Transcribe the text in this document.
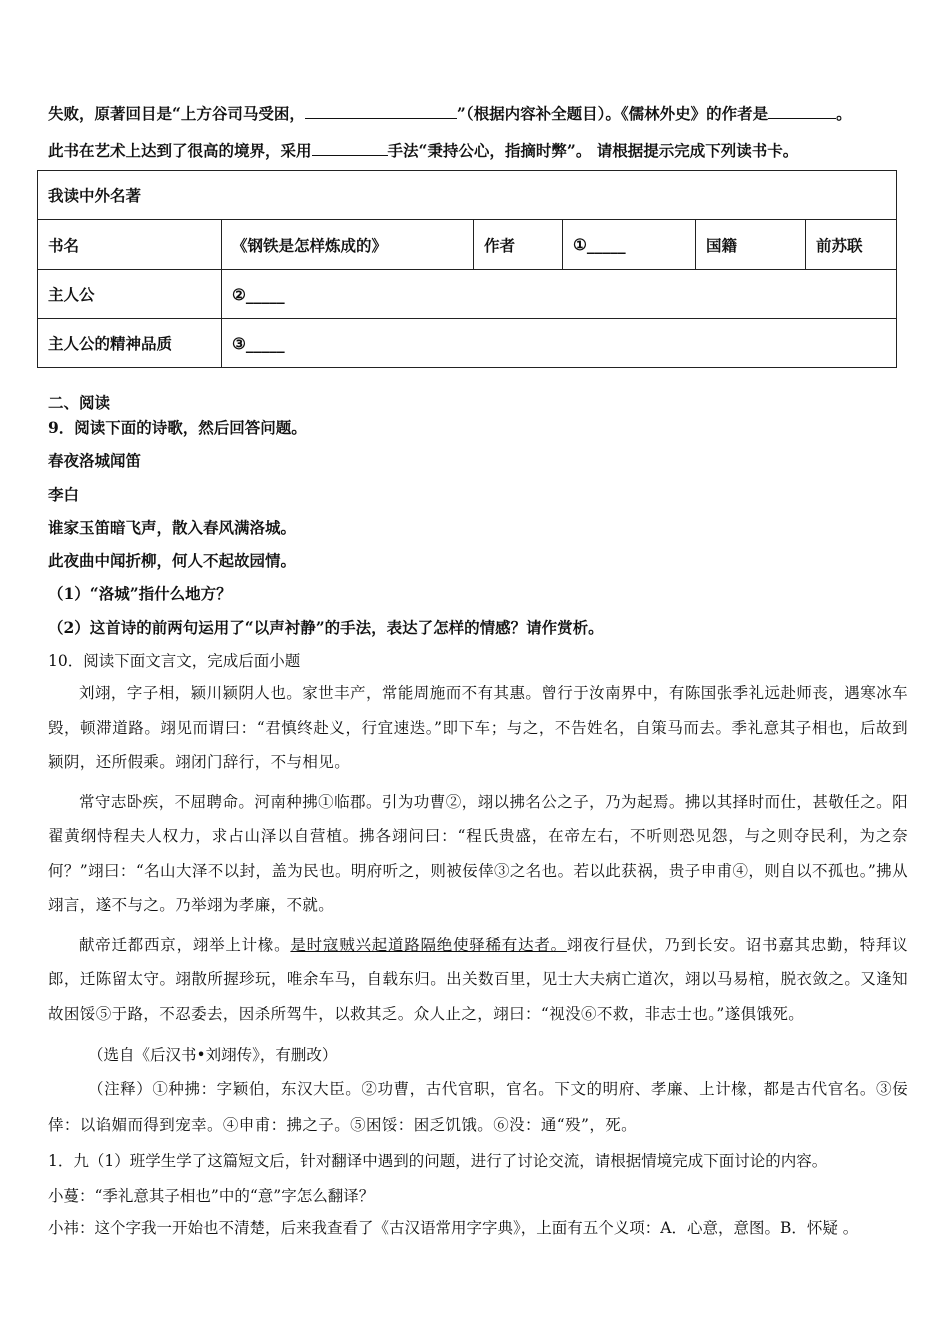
失败，原著回目是“上方谷司马受困，	”（根据内容补全题目）。《儒林外史》的作者是	。
此书在艺术上达到了很高的境界，采用	手法“秉持公心，指摘时弊”。 请根据提示完成下列读书卡。
我读中外名著					
书名	《钢铁是怎样炼成的》	作者	①_____	国籍	前苏联
主人公	②_____				
主人公的精神品质	③_____				
二、阅读
9．阅读下面的诗歌，然后回答问题。
春夜洛城闻笛
李白
谁家玉笛暗飞声，散入春风满洛城。
此夜曲中闻折柳，何人不起故园情。
（1）“洛城”指什么地方？
（2）这首诗的前两句运用了“以声衬静”的手法，表达了怎样的情感？请作赏析。
10．阅读下面文言文，完成后面小题

刘翊，字子相，颍川颍阴人也。家世丰产，常能周施而不有其惠。曾行于汝南界中，有陈国张季礼远赴师丧，遇寒冰车毁，顿滞道路。翊见而谓曰：“君慎终赴义，行宜速迭。”即下车；与之，不告姓名，自策马而去。季礼意其子相也，后故到颍阴，还所假乘。翊闭门辞行，不与相见。

常守志卧疾，不屈聘命。河南种拂①临郡。引为功曹②，翊以拂名公之子，乃为起焉。拂以其择时而仕，甚敬任之。阳翟黄纲恃程夫人权力，求占山泽以自营植。拂各翊问曰：“程氏贵盛，在帝左右，不听则恐见怨，与之则夺民利，为之奈何？”翊曰：“名山大泽不以封，盖为民也。明府听之，则被佞倖③之名也。若以此获祸，贵子申甫④，则自以不孤也。”拂从翊言，遂不与之。乃举翊为孝廉，不就。

献帝迁都西京，翊举上计椽。是时寇贼兴起道路隔绝使驿稀有达者。翊夜行昼伏，乃到长安。诏书嘉其忠勤，特拜议郎，迁陈留太守。翊散所握珍玩，唯余车马，自载东归。出关数百里，见士大夫病亡道次，翊以马易棺，脱衣敛之。又逢知故困馁⑤于路，不忍委去，因杀所驾牛，以救其乏。众人止之，翊曰：“视没⑥不救，非志士也。”遂俱饿死。

（选自《后汉书•刘翊传》，有删改）

（注释）①种拂：字颖伯，东汉大臣。②功曹，古代官职，官名。下文的明府、孝廉、上计椽，都是古代官名。③佞倖：以谄媚而得到宠幸。④申甫：拂之子。⑤困馁：困乏饥饿。⑥没：通“殁”，死。

1．九（1）班学生学了这篇短文后，针对翻译中遇到的问题，进行了讨论交流，请根据情境完成下面讨论的内容。
小蔓：“季礼意其子相也”中的“意”字怎么翻译？
小祎：这个字我一开始也不清楚，后来我查看了《古汉语常用字字典》，上面有五个义项：A．心意，意图。B．怀疑 。
